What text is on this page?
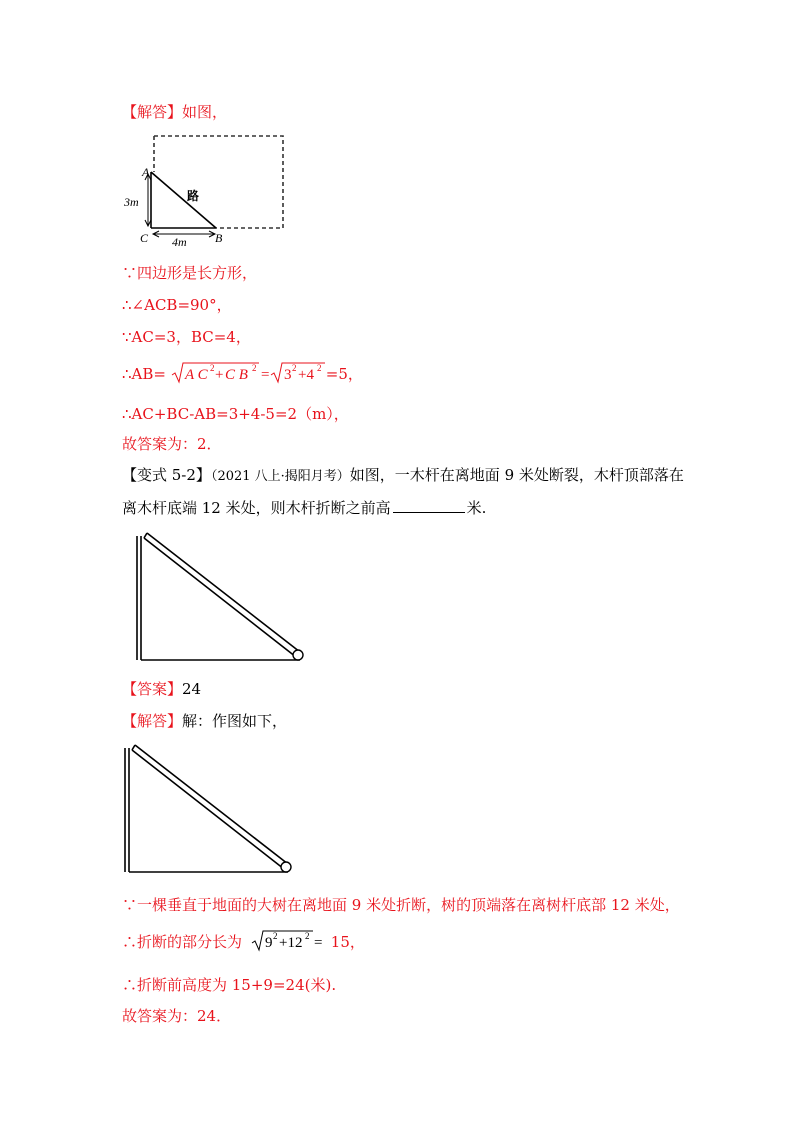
【解答】如图，
A
C	B
3m
4m
路
∵四边形是长方形，
∴∠ACB=90°，
∵AC=3，BC=4，
∴AB= A C 2 + C B 2 = 3 2 +4 2 =5，
∴AC+BC-AB=3+4-5=2（m），
故答案为：2．
【变式 5-2】（2021 八上·揭阳月考）如图，一木杆在离地面 9 米处断裂，木杆顶部落在
离木杆底端 12 米处，则木杆折断之前高	米.
【答案】24
【解答】解：作图如下，
∵一棵垂直于地面的大树在离地面 9 米处折断，树的顶端落在离树杆底部 12 米处，
∴折断的部分长为 9 2 +12 2 = 15，
∴折断前高度为 15+9=24(米).
故答案为：24．
